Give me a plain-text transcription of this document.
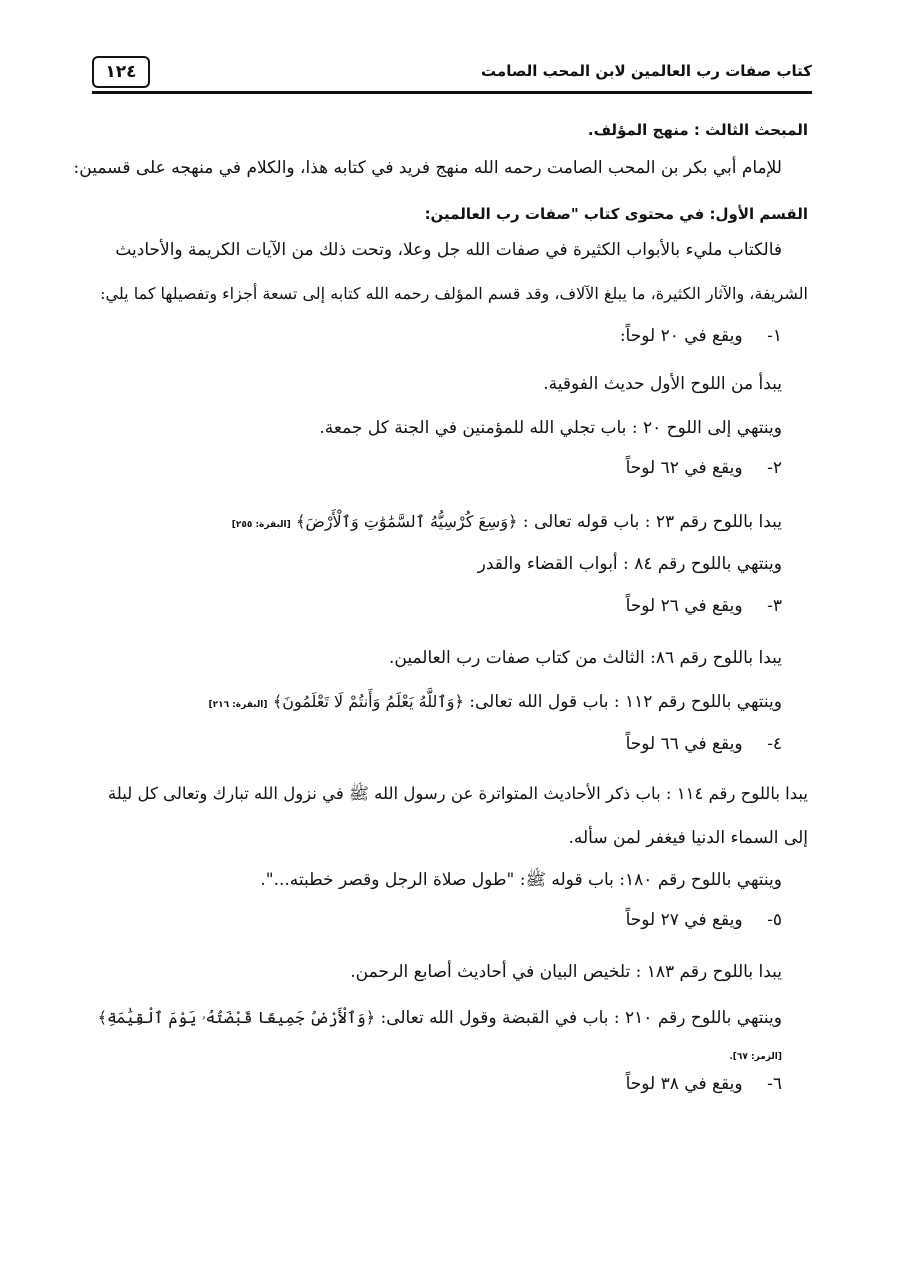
كتاب صفات رب العالمين لابن المحب الصامت
١٢٤
المبحث الثالث : منهج المؤلف.
للإمام أبي بكر بن المحب الصامت رحمه الله منهج فريد في كتابه هذا، والكلام في منهجه على قسمين:
القسم الأول: في محتوى كتاب "صفات رب العالمين:
فالكتاب مليء بالأبواب الكثيرة في صفات الله جل وعلا، وتحت ذلك من الآيات الكريمة والأحاديث
الشريفة، والآثار الكثيرة، ما يبلغ الآلاف، وقد قسم المؤلف رحمه الله كتابه إلى تسعة أجزاء وتفصيلها كما يلي:
١- ويقع في ٢٠ لوحاً:
يبدأ من اللوح الأول حديث الفوقية.
وينتهي إلى اللوح ٢٠ : باب تجلي الله للمؤمنين في الجنة كل جمعة.
٢- ويقع في ٦٢ لوحاً
يبدا باللوح رقم ٢٣ : باب قوله تعالى : ﴿وَسِعَ كُرْسِيُّهُ ٱلسَّمَٰوَٰتِ وَٱلْأَرْضَ﴾ [البقرة: ٢٥٥]
وينتهي باللوح رقم ٨٤ : أبواب القضاء والقدر
٣- ويقع في ٢٦ لوحاً
يبدا باللوح رقم ٨٦: الثالث من كتاب صفات رب العالمين.
وينتهي باللوح رقم ١١٢ : باب قول الله تعالى: ﴿وَٱللَّهُ يَعْلَمُ وَأَنتُمْ لَا تَعْلَمُونَ﴾ [البقرة: ٢١٦]
٤- ويقع في ٦٦ لوحاً
يبدا باللوح رقم ١١٤ : باب ذكر الأحاديث المتواترة عن رسول الله ﷺ في نزول الله تبارك وتعالى كل ليلة
إلى السماء الدنيا فيغفر لمن سأله.
وينتهي باللوح رقم ١٨٠: باب قوله ﷺ: "طول صلاة الرجل وقصر خطبته...".
٥- ويقع في ٢٧ لوحاً
يبدا باللوح رقم ١٨٣ : تلخيص البيان في أحاديث أصابع الرحمن.
وينتهي باللوح رقم ٢١٠ : باب في القبضة وقول الله تعالى: ﴿وَٱلْأَرْضُ جَمِيعًا قَبْضَتُهُۥ يَوْمَ ٱلْقِيَٰمَةِ﴾
[الزمر: ٦٧].
٦- ويقع في ٣٨ لوحاً
